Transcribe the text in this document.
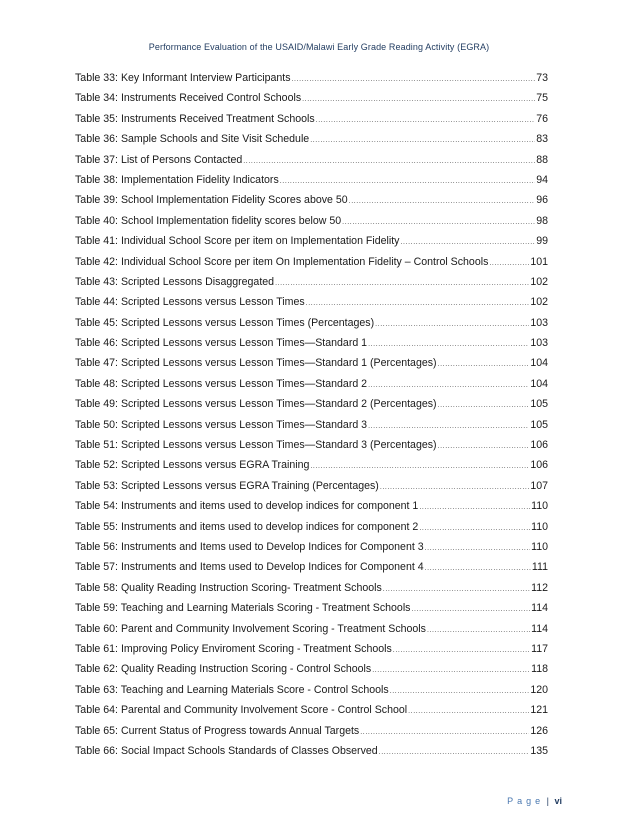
Performance Evaluation of the USAID/Malawi Early Grade Reading Activity (EGRA)
Table 33: Key Informant Interview Participants .....	73
Table 34: Instruments Received Control Schools .....	75
Table 35: Instruments Received Treatment Schools .....	76
Table 36: Sample Schools and Site Visit Schedule .....	83
Table 37: List of Persons Contacted .....	88
Table 38: Implementation Fidelity Indicators .....	94
Table 39: School Implementation Fidelity Scores above 50 .....	96
Table 40: School Implementation fidelity scores below 50 .....	98
Table 41: Individual School Score per item on Implementation Fidelity .....	99
Table 42: Individual School Score per item On Implementation Fidelity – Control Schools .....	101
Table 43: Scripted Lessons Disaggregated .....	102
Table 44: Scripted Lessons versus Lesson Times .....	102
Table 45: Scripted Lessons versus Lesson Times (Percentages) .....	103
Table 46: Scripted Lessons versus Lesson Times—Standard 1 .....	103
Table 47: Scripted Lessons versus Lesson Times—Standard 1 (Percentages) .....	104
Table 48: Scripted Lessons versus Lesson Times—Standard 2 .....	104
Table 49: Scripted Lessons versus Lesson Times—Standard 2 (Percentages) .....	105
Table 50: Scripted Lessons versus Lesson Times—Standard 3 .....	105
Table 51: Scripted Lessons versus Lesson Times—Standard 3 (Percentages) .....	106
Table 52: Scripted Lessons versus EGRA Training .....	106
Table 53: Scripted Lessons versus EGRA Training (Percentages) .....	107
Table 54: Instruments and items used to develop indices for component 1 .....	110
Table 55: Instruments and items used to develop indices for component 2 .....	110
Table 56: Instruments and Items used to Develop Indices for Component 3 .....	110
Table 57: Instruments and Items used to Develop Indices for Component 4 .....	111
Table 58: Quality Reading Instruction Scoring- Treatment Schools .....	112
Table 59: Teaching and Learning Materials Scoring - Treatment Schools .....	114
Table 60: Parent and Community Involvement Scoring - Treatment Schools .....	114
Table 61: Improving Policy Enviroment Scoring - Treatment Schools .....	117
Table 62: Quality Reading Instruction Scoring - Control Schools .....	118
Table 63: Teaching and Learning Materials Score - Control Schools .....	120
Table 64: Parental and Community Involvement Score - Control School .....	121
Table 65: Current Status of Progress towards Annual Targets .....	126
Table 66: Social Impact Schools Standards of Classes Observed .....	135
Page | vi
